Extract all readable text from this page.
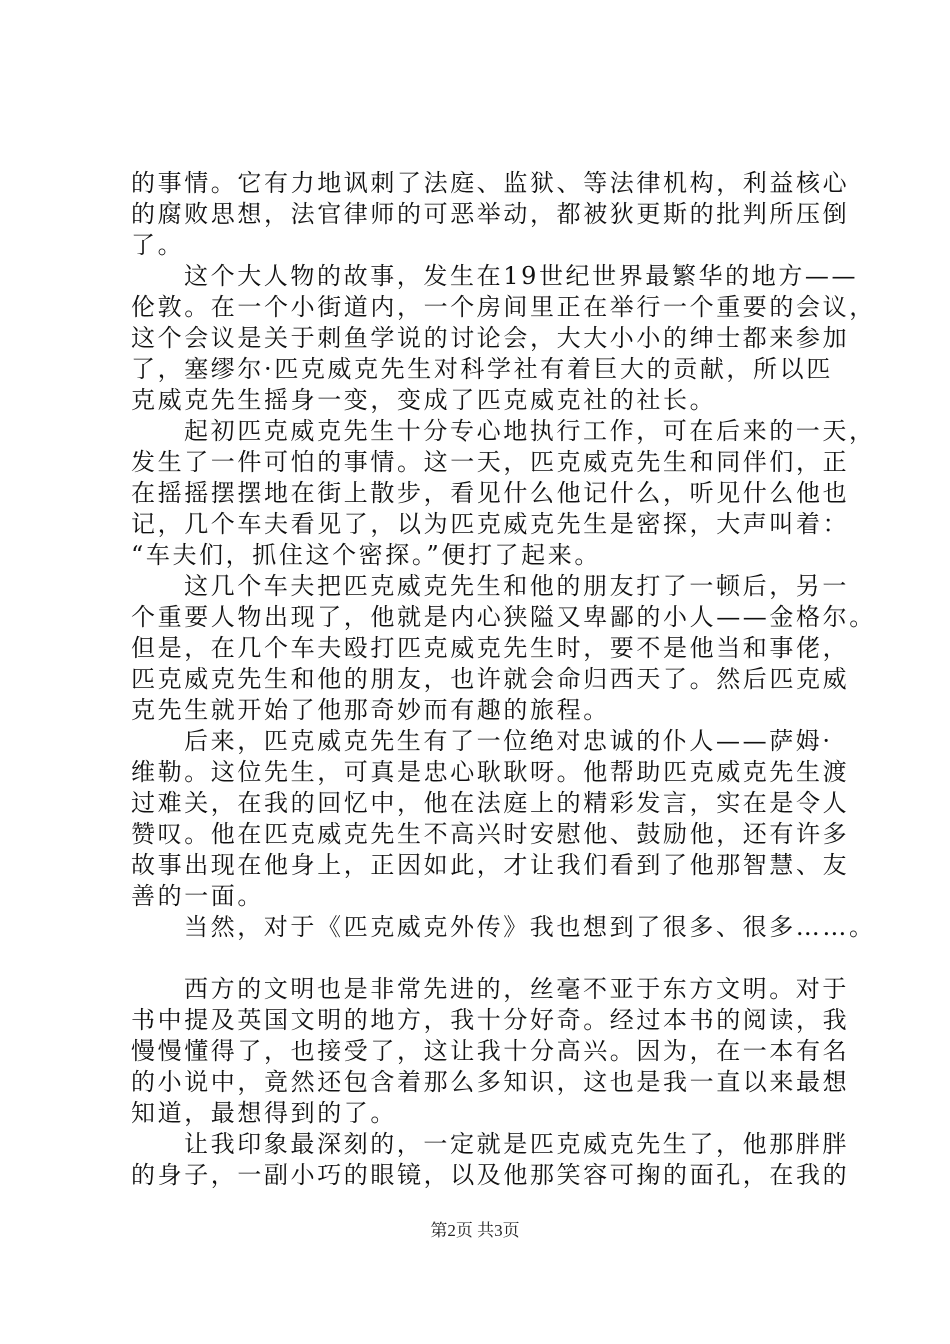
的事情。它有力地讽刺了法庭、监狱、等法律机构，利益核心
的腐败思想，法官律师的可恶举动，都被狄更斯的批判所压倒
了。
这个大人物的故事，发生在19世纪世界最繁华的地方——
伦敦。在一个小街道内，一个房间里正在举行一个重要的会议，
这个会议是关于刺鱼学说的讨论会，大大小小的绅士都来参加
了，塞缪尔·匹克威克先生对科学社有着巨大的贡献，所以匹
克威克先生摇身一变，变成了匹克威克社的社长。
起初匹克威克先生十分专心地执行工作，可在后来的一天，
发生了一件可怕的事情。这一天，匹克威克先生和同伴们，正
在摇摇摆摆地在街上散步，看见什么他记什么，听见什么他也
记，几个车夫看见了，以为匹克威克先生是密探，大声叫着：
“车夫们，抓住这个密探。”便打了起来。
这几个车夫把匹克威克先生和他的朋友打了一顿后，另一
个重要人物出现了，他就是内心狭隘又卑鄙的小人——金格尔。
但是，在几个车夫殴打匹克威克先生时，要不是他当和事佬，
匹克威克先生和他的朋友，也许就会命归西天了。然后匹克威
克先生就开始了他那奇妙而有趣的旅程。
后来，匹克威克先生有了一位绝对忠诚的仆人——萨姆·
维勒。这位先生，可真是忠心耿耿呀。他帮助匹克威克先生渡
过难关，在我的回忆中，他在法庭上的精彩发言，实在是令人
赞叹。他在匹克威克先生不高兴时安慰他、鼓励他，还有许多
故事出现在他身上，正因如此，才让我们看到了他那智慧、友
善的一面。
当然，对于《匹克威克外传》我也想到了很多、很多……。
西方的文明也是非常先进的，丝毫不亚于东方文明。对于
书中提及英国文明的地方，我十分好奇。经过本书的阅读，我
慢慢懂得了，也接受了，这让我十分高兴。因为，在一本有名
的小说中，竟然还包含着那么多知识，这也是我一直以来最想
知道，最想得到的了。
让我印象最深刻的，一定就是匹克威克先生了，他那胖胖
的身子，一副小巧的眼镜，以及他那笑容可掬的面孔，在我的
第2页 共3页
